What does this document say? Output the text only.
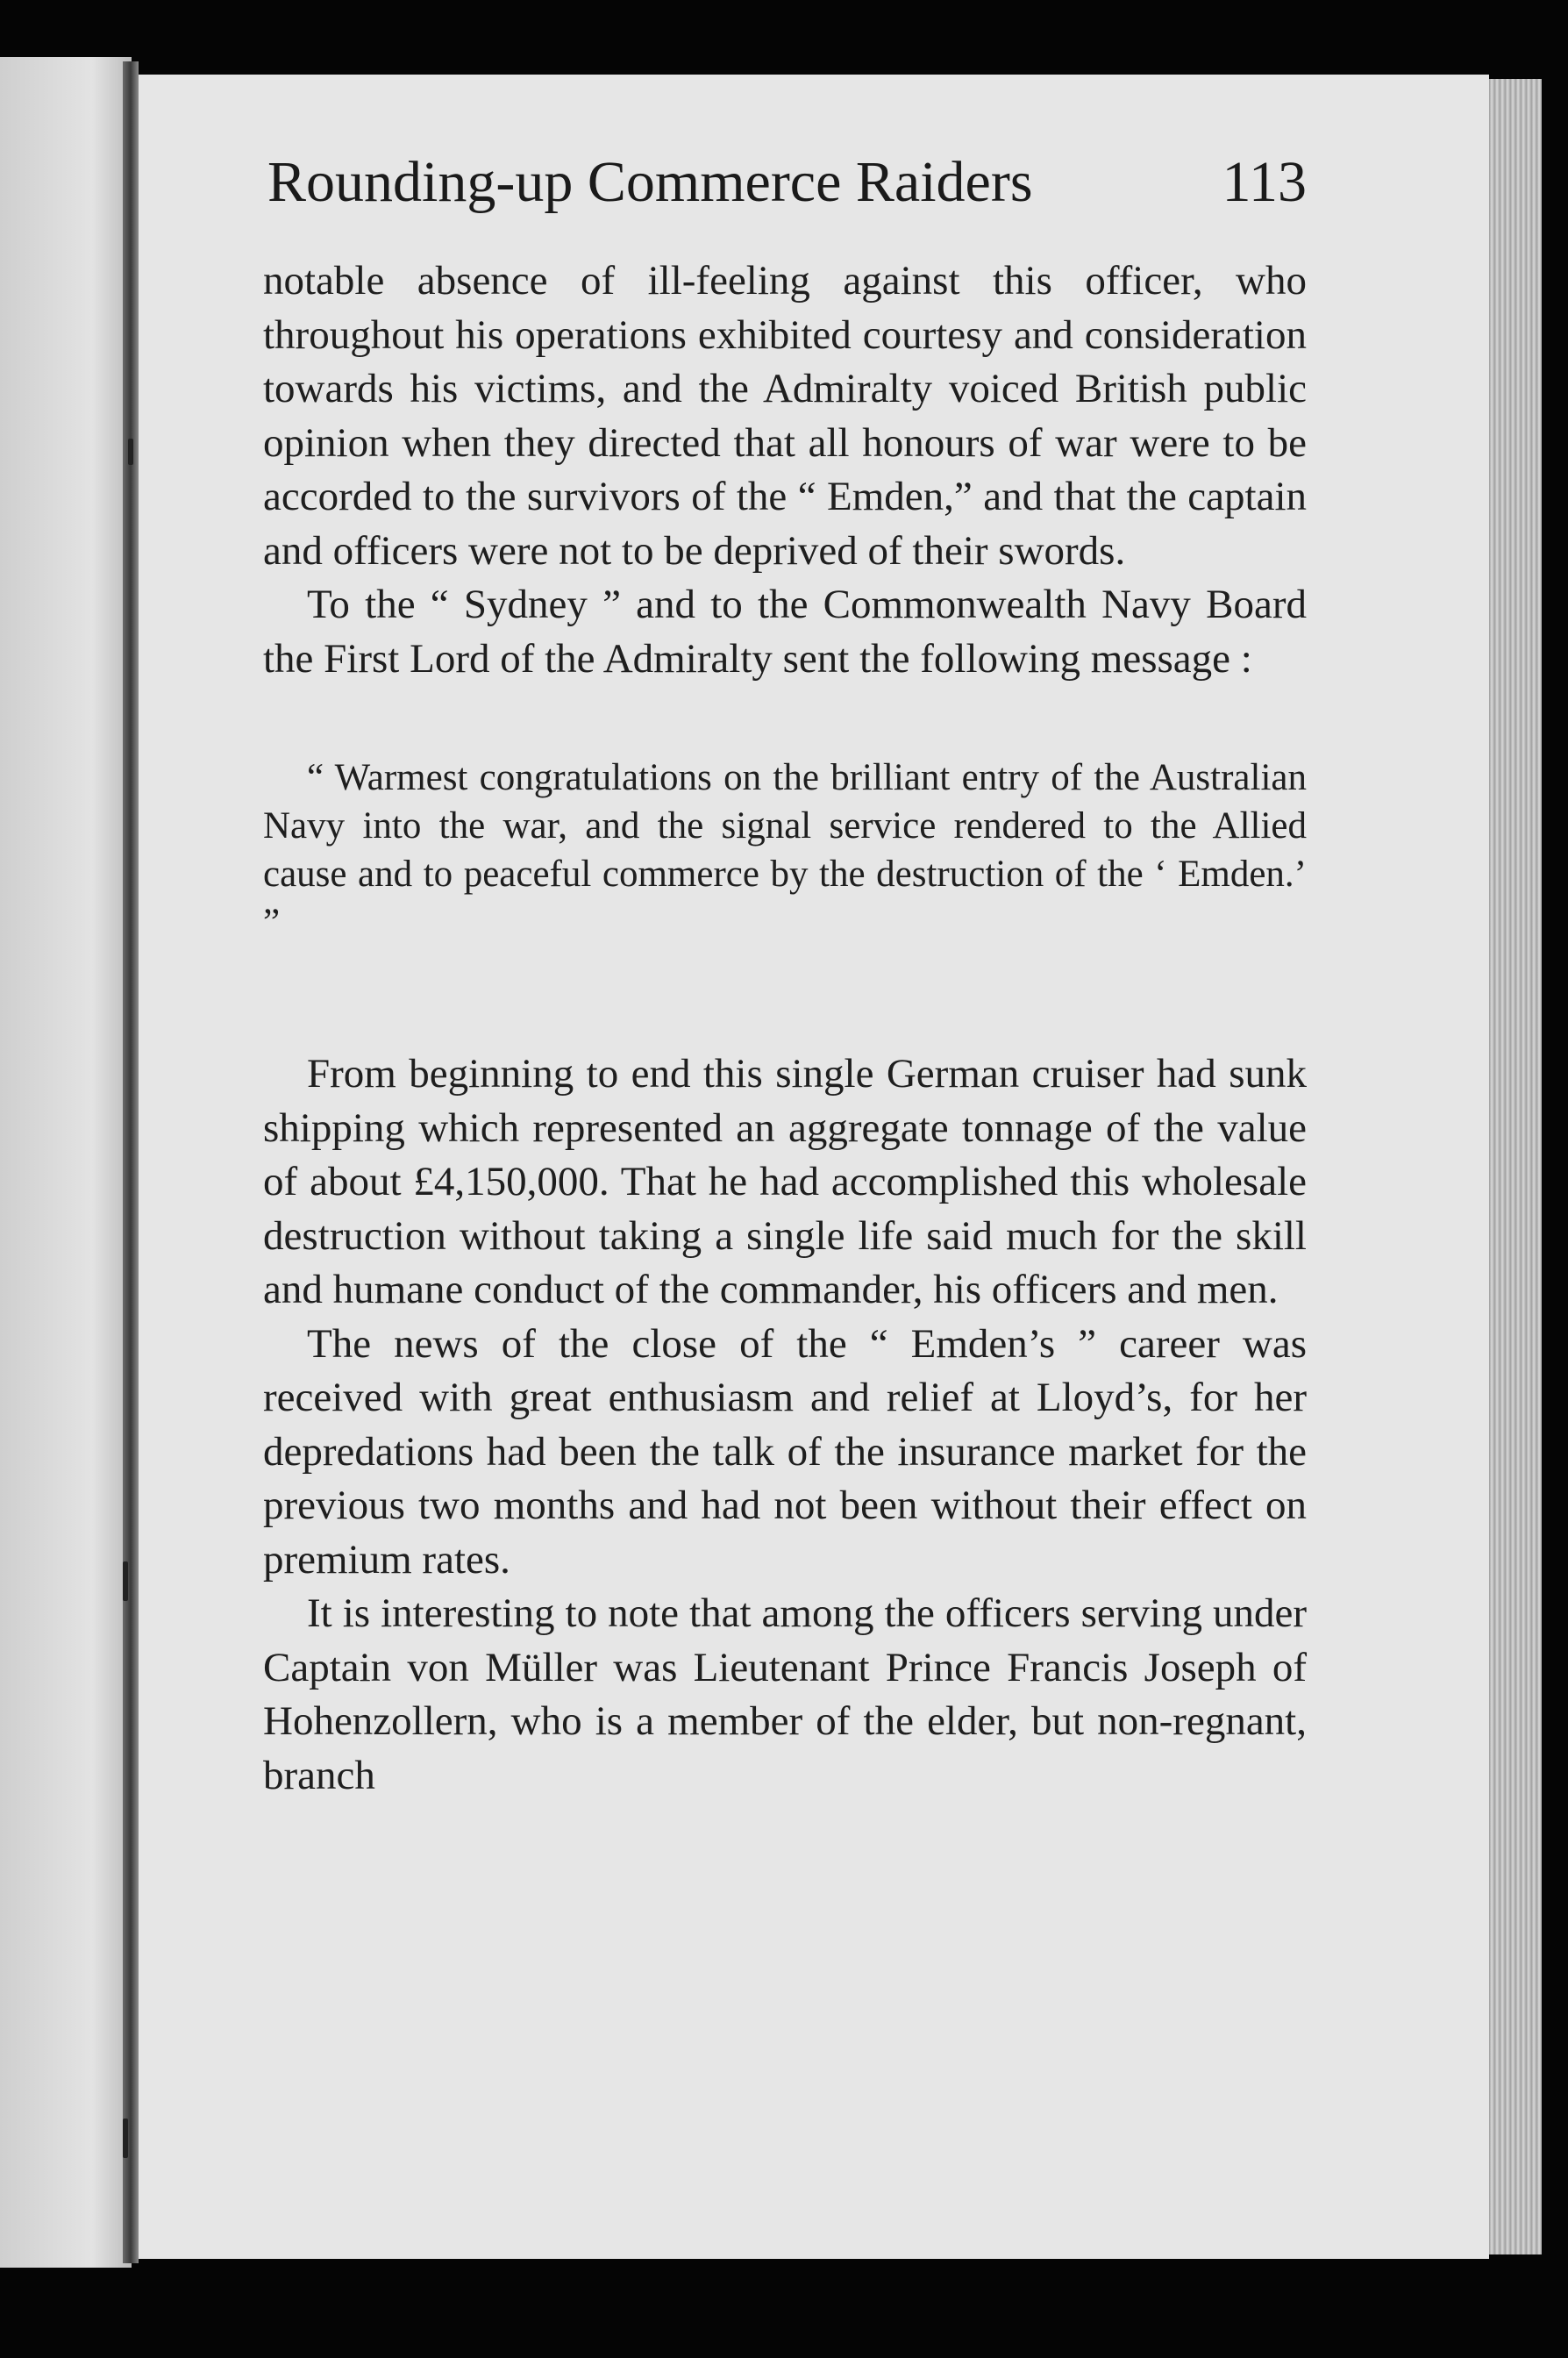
Rounding-up Commerce Raiders	113

notable absence of ill-feeling against this officer, who throughout his operations exhibited courtesy and consideration towards his victims, and the Admiralty voiced British public opinion when they directed that all honours of war were to be accorded to the survivors of the “ Emden,” and that the captain and officers were not to be deprived of their swords.

To the “ Sydney ” and to the Commonwealth Navy Board the First Lord of the Admiralty sent the following message :

“ Warmest congratulations on the brilliant entry of the Australian Navy into the war, and the signal service rendered to the Allied cause and to peaceful commerce by the destruction of the ‘ Emden.’ ”

From beginning to end this single German cruiser had sunk shipping which represented an aggregate tonnage of the value of about £4,150,000. That he had accomplished this wholesale destruction without taking a single life said much for the skill and humane conduct of the commander, his officers and men.

The news of the close of the “ Emden’s ” career was received with great enthusiasm and relief at Lloyd’s, for her depredations had been the talk of the insurance market for the previous two months and had not been without their effect on premium rates.

It is interesting to note that among the officers serving under Captain von Müller was Lieutenant Prince Francis Joseph of Hohenzollern, who is a member of the elder, but non-regnant, branch
